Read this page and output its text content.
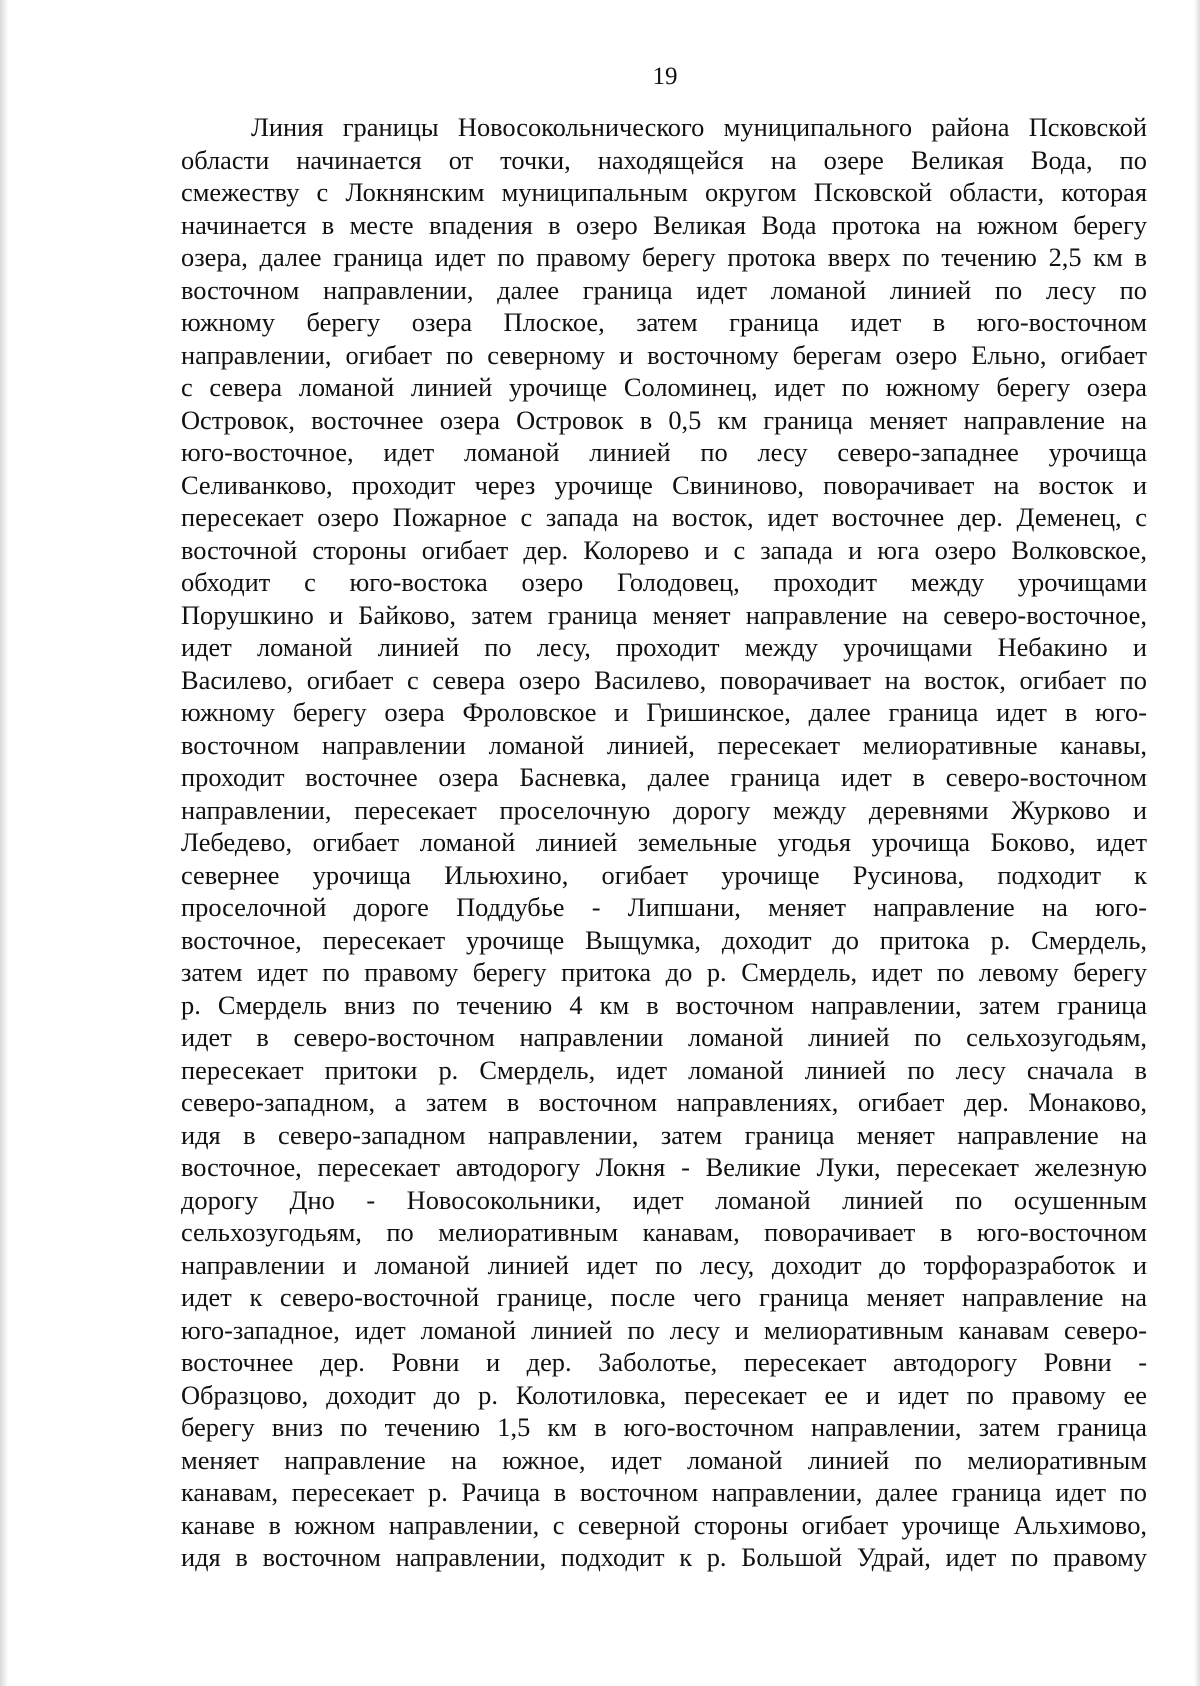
19
Линия границы Новосокольнического муниципального района Псковской
области начинается от точки, находящейся на озере Великая Вода, по
смежеству с Локнянским муниципальным округом Псковской области, которая
начинается в месте впадения в озеро Великая Вода протока на южном берегу
озера, далее граница идет по правому берегу протока вверх по течению 2,5 км в
восточном направлении, далее граница идет ломаной линией по лесу по
южному берегу озера Плоское, затем граница идет в юго-восточном
направлении, огибает по северному и восточному берегам озеро Ельно, огибает
с севера ломаной линией урочище Соломинец, идет по южному берегу озера
Островок, восточнее озера Островок в 0,5 км граница меняет направление на
юго-восточное, идет ломаной линией по лесу северо-западнее урочища
Селиванково, проходит через урочище Свининово, поворачивает на восток и
пересекает озеро Пожарное с запада на восток, идет восточнее дер. Деменец, с
восточной стороны огибает дер. Колорево и с запада и юга озеро Волковское,
обходит с юго-востока озеро Голодовец, проходит между урочищами
Порушкино и Байково, затем граница меняет направление на северо-восточное,
идет ломаной линией по лесу, проходит между урочищами Небакино и
Василево, огибает с севера озеро Василево, поворачивает на восток, огибает по
южному берегу озера Фроловское и Гришинское, далее граница идет в юго-
восточном направлении ломаной линией, пересекает мелиоративные канавы,
проходит восточнее озера Басневка, далее граница идет в северо-восточном
направлении, пересекает проселочную дорогу между деревнями Журково и
Лебедево, огибает ломаной линией земельные угодья урочища Боково, идет
севернее урочища Ильюхино, огибает урочище Русинова, подходит к
проселочной дороге Поддубье - Липшани, меняет направление на юго-
восточное, пересекает урочище Выщумка, доходит до притока р. Смердель,
затем идет по правому берегу притока до р. Смердель, идет по левому берегу
р. Смердель вниз по течению 4 км в восточном направлении, затем граница
идет в северо-восточном направлении ломаной линией по сельхозугодьям,
пересекает притоки р. Смердель, идет ломаной линией по лесу сначала в
северо-западном, а затем в восточном направлениях, огибает дер. Монаково,
идя в северо-западном направлении, затем граница меняет направление на
восточное, пересекает автодорогу Локня - Великие Луки, пересекает железную
дорогу Дно - Новосокольники, идет ломаной линией по осушенным
сельхозугодьям, по мелиоративным канавам, поворачивает в юго-восточном
направлении и ломаной линией идет по лесу, доходит до торфоразработок и
идет к северо-восточной границе, после чего граница меняет направление на
юго-западное, идет ломаной линией по лесу и мелиоративным канавам северо-
восточнее дер. Ровни и дер. Заболотье, пересекает автодорогу Ровни -
Образцово, доходит до р. Колотиловка, пересекает ее и идет по правому ее
берегу вниз по течению 1,5 км в юго-восточном направлении, затем граница
меняет направление на южное, идет ломаной линией по мелиоративным
канавам, пересекает р. Рачица в восточном направлении, далее граница идет по
канаве в южном направлении, с северной стороны огибает урочище Альхимово,
идя в восточном направлении, подходит к р. Большой Удрай, идет по правому
